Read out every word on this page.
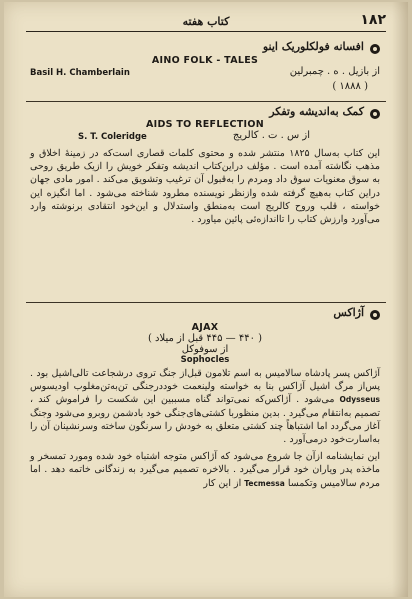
۱۸۲
کتاب هفته
افسانه فولکلوریک اینو
AINO FOLK - TALES
Basil H. Chamberlain	از بازیل . ه . چمبرلین
( ۱۸۸۸ )
کمک به‌اندیشه وتفکر
AIDS TO REFLECTION
S. T. Coleridge	از س . ت . کالریج

این کتاب به‌سال ۱۸۲۵ منتشر شده و محتوی کلمات قصاری است‌که در زمینهٔ اخلاق و مذهب نگاشته آمده است . مؤلف دراین‌کتاب اندیشه وتفکر خویش را ازیک طریق روحی به سوق معنویات سوق داد ومردم را به‌قبول آن ترغیب وتشویق می‌کند . امور مادی جهان دراین کتاب به‌هیچ گرفته شده وازنظر نویسنده مطرود شناخته می‌شود . اما انگیزه این خواسته ، قلب وروح کالریج است به‌منطق واستدلال و این‌خود انتقادی برنوشته وارد می‌آورد وارزش کتاب را تااندازه‌ئی پائین میاورد .

آژاکس
AJAX
( ۴۴۰ — ۴۴۵ قبل از میلاد )
از سوفوکل
Sophocles

آژاکس پسر پادشاه سالامیس به اسم تلامون قبل‌از جنگ تروی درشجاعت تالی‌اشیل بود . پس‌از مرگ اشیل آژاکس بنا به خواسته ولینعمت خوددرجنگی تن‌به‌تن‌مغلوب اودیسوس Odysseus می‌شود . آژاکس‌که نمی‌تواند گناه مسببین این شکست را فراموش کند ، تصمیم به‌انتقام می‌گیرد . بدین منظوربا کشتی‌های‌جنگی خود بادشمن روبرو می‌شود وجنگ آغاز می‌گردد اما اشتباهاً چند کشتی متعلق به خودش را سرنگون ساخته وسرنشینان آن را به‌اسارت‌خود درمی‌آورد .

این نمایشنامه ازآن جا شروع می‌شود که آژاکس متوجه اشتباه خود شده ومورد تمسخر و ماخذه پدر ویاران خود قرار می‌گیرد . بالاخره تصمیم می‌گیرد به زندگانی خاتمه دهد . اما مردم سالامیس وتکمسا Tecmessa از این کار
